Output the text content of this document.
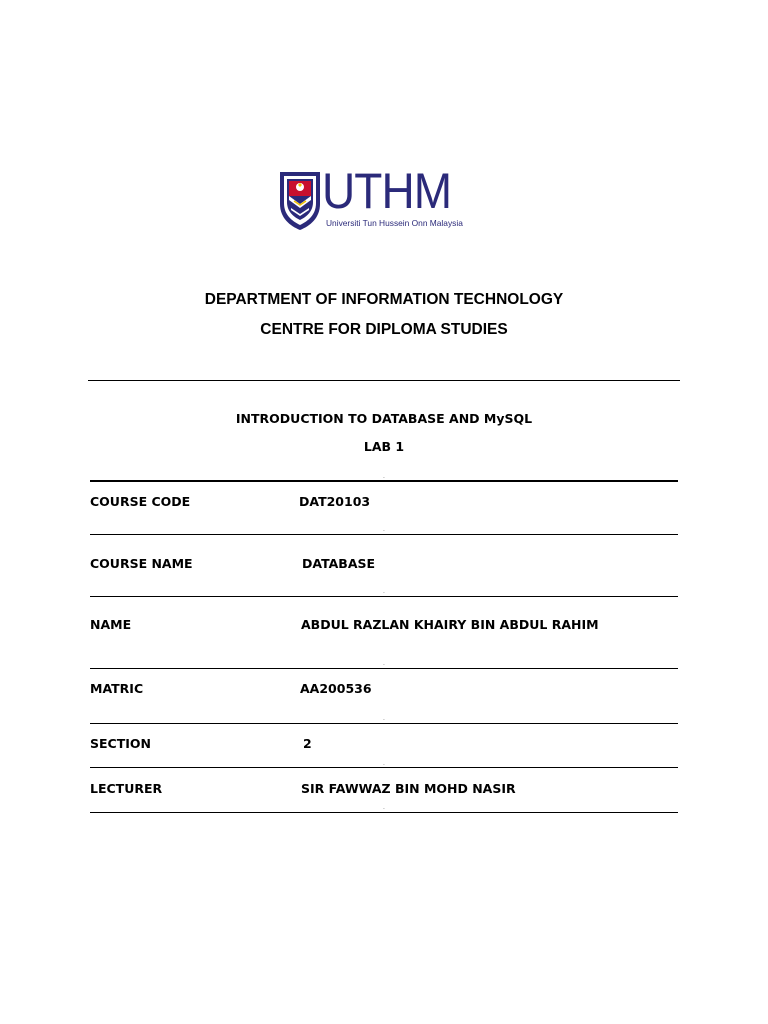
UTHM
Universiti Tun Hussein Onn Malaysia
DEPARTMENT OF INFORMATION TECHNOLOGY
CENTRE FOR DIPLOMA STUDIES
INTRODUCTION TO DATABASE AND MySQL
LAB 1
.
COURSE CODE	DAT20103
.
COURSE NAME	DATABASE
.
NAME	ABDUL RAZLAN KHAIRY BIN ABDUL RAHIM
.
MATRIC	AA200536
.
SECTION	2
.
LECTURER	SIR FAWWAZ BIN MOHD NASIR
.
